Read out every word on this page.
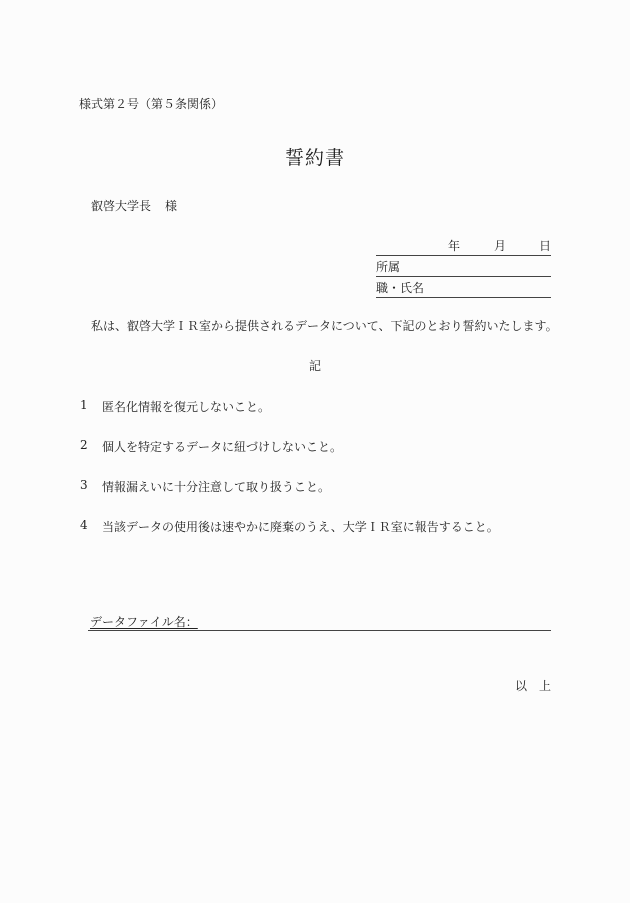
様式第２号（第５条関係）
誓約書
叡啓大学長 様
年	月	日
所属
職・氏名
私は、叡啓大学ＩＲ室から提供されるデータについて、下記のとおり誓約いたします。
記
1	匿名化情報を復元しないこと。
2	個人を特定するデータに紐づけしないこと。
3	情報漏えいに十分注意して取り扱うこと。
4	当該データの使用後は速やかに廃棄のうえ、大学ＩＲ室に報告すること。
データファイル名：
以 上
